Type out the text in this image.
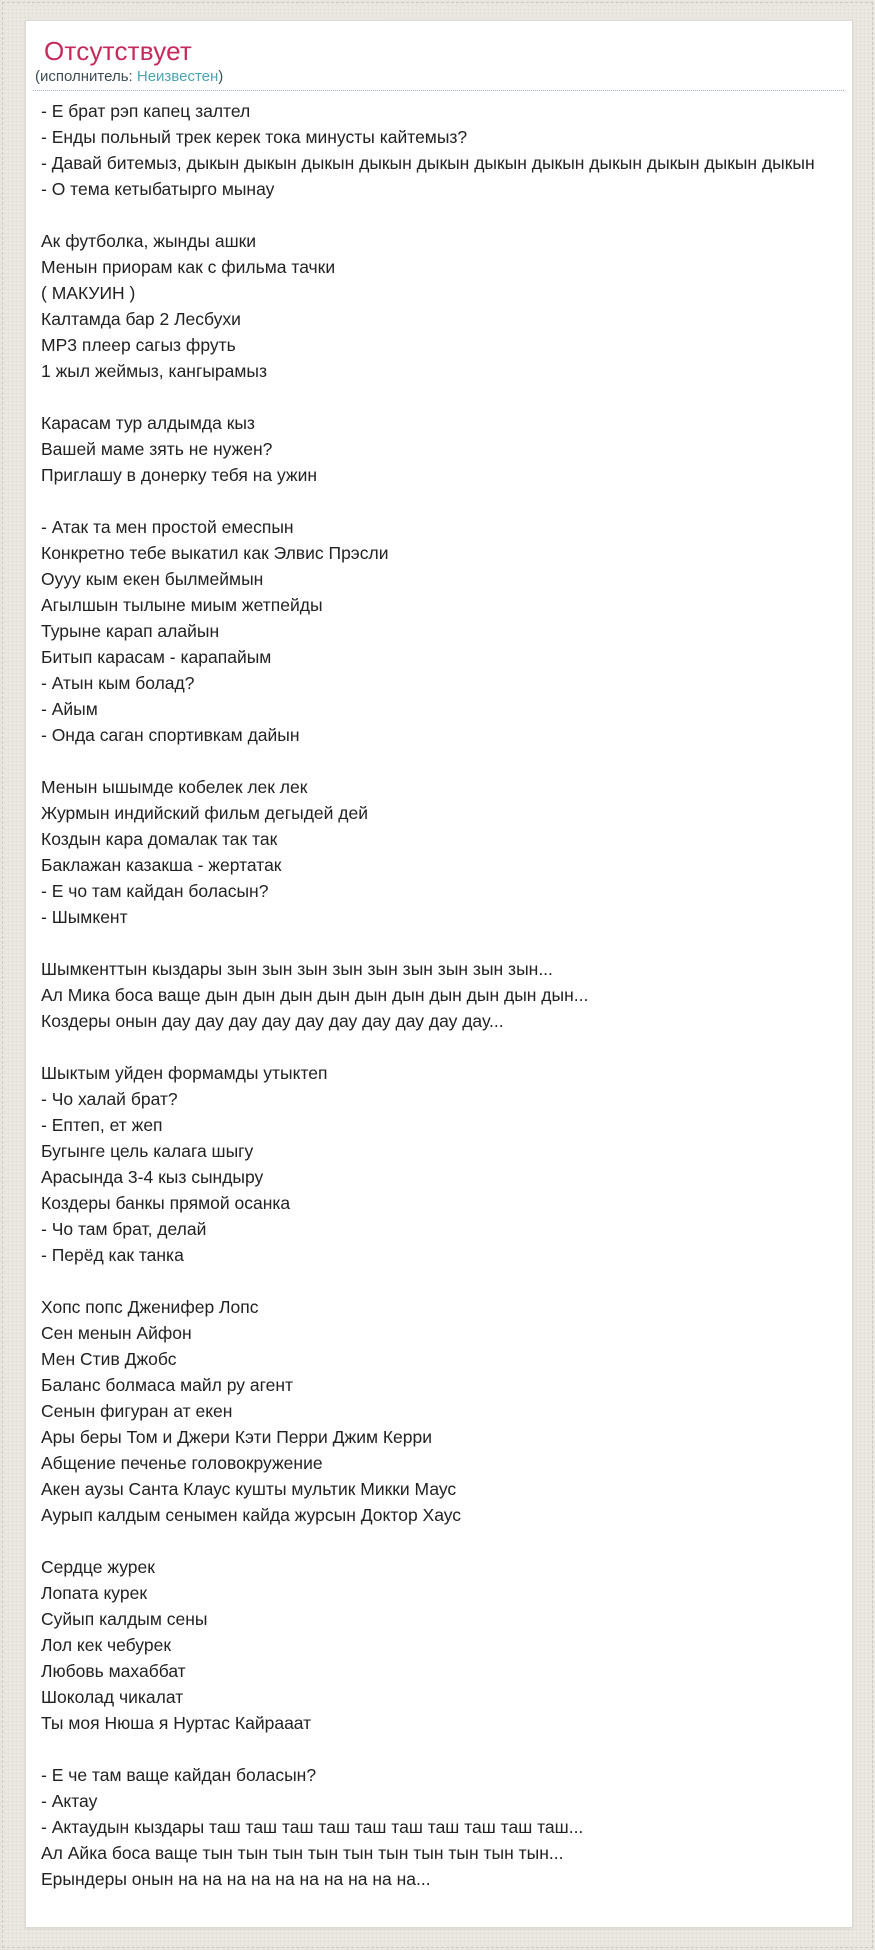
Отсутствует
(исполнитель: Неизвестен)
- Е брат рэп капец залтел
- Енды польный трек керек тока минусты кайтемыз?
- Давай битемыз, дыкын дыкын дыкын дыкын дыкын дыкын дыкын дыкын дыкын дыкын дыкын
- О тема кетыбатырго мынау

Ак футболка, жынды ашки
Менын приорам как с фильма тачки
( МАКУИН )
Калтамда бар 2 Лесбухи
МР3 плеер сагыз фруть
1 жыл жеймыз, кангырамыз

Карасам тур алдымда кыз
Вашей маме зять не нужен?
Приглашу в донерку тебя на ужин

- Атак та мен простой емеспын
Конкретно тебе выкатил как Элвис Прэсли
Оууу кым екен былмеймын
Агылшын тылыне миым жетпейды
Турыне карап алайын
Битып карасам - карапайым
- Атын кым болад?
- Айым
- Онда саган спортивкам дайын

Менын ышымде кобелек лек лек
Журмын индийский фильм дегыдей дей
Коздын кара домалак так так
Баклажан казакша - жертатак
- Е чо там кайдан боласын?
- Шымкент

Шымкенттын кыздары зын зын зын зын зын зын зын зын зын...
Ал Мика боса ваще дын дын дын дын дын дын дын дын дын дын...
Коздеры онын дау дау дау дау дау дау дау дау дау дау...

Шыктым уйден формамды утыктеп
- Чо халай брат?
- Ептеп, ет жеп
Бугынге цель калага шыгу
Арасында 3-4 кыз сындыру
Коздеры банкы прямой осанка
- Чо там брат, делай
- Перёд как танка

Хопс попс Дженифер Лопс
Сен менын Айфон
Мен Стив Джобс
Баланс болмаса майл ру агент
Сенын фигуран ат екен
Ары беры Том и Джери Кэти Перри Джим Керри
Абщение печенье головокружение
Акен аузы Санта Клаус кушты мультик Микки Маус
Аурып калдым сенымен кайда журсын Доктор Хаус

Сердце журек
Лопата курек
Суйып калдым сены
Лол кек чебурек
Любовь махаббат
Шоколад чикалат
Ты моя Нюша я Нуртас Кайрааат

- Е че там ваще кайдан боласын?
- Актау
- Актаудын кыздары таш таш таш таш таш таш таш таш таш таш...
Ал Айка боса ваще тын тын тын тын тын тын тын тын тын тын...
Ерындеры онын на на на на на на на на на на...
